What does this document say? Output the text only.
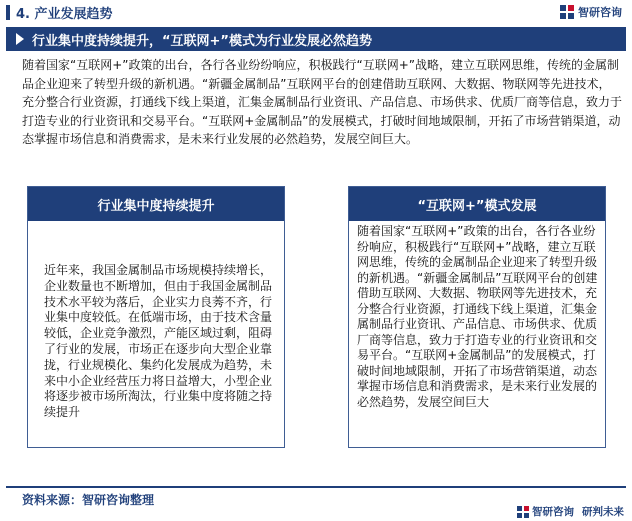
4. 产业发展趋势	智研咨询
行业集中度持续提升，“互联网+”模式为行业发展必然趋势

随着国家“互联网+”政策的出台，各行各业纷纷响应，积极践行“互联网+”战略，建立互联网思维，传统的金属制品企业迎来了转型升级的新机遇。“新疆金属制品”互联网平台的创建借助互联网、大数据、物联网等先进技术，充分整合行业资源，打通线下线上渠道，汇集金属制品行业资讯、产品信息、市场供求、优质厂商等信息，致力于打造专业的行业资讯和交易平台。“互联网+金属制品”的发展模式，打破时间地域限制，开拓了市场营销渠道，动态掌握市场信息和消费需求，是未来行业发展的必然趋势，发展空间巨大。

行业集中度持续提升

近年来，我国金属制品市场规模持续增长，企业数量也不断增加，但由于我国金属制品技术水平较为落后，企业实力良莠不齐，行业集中度较低。在低端市场，由于技术含量较低，企业竞争激烈，产能区域过剩，阻碍了行业的发展，市场正在逐步向大型企业靠拢，行业规模化、集约化发展成为趋势，未来中小企业经营压力将日益增大，小型企业将逐步被市场所淘汰，行业集中度将随之持续提升

“互联网+”模式发展

随着国家“互联网+”政策的出台，各行各业纷纷响应，积极践行“互联网+”战略，建立互联网思维，传统的金属制品企业迎来了转型升级的新机遇。“新疆金属制品”互联网平台的创建借助互联网、大数据、物联网等先进技术，充分整合行业资源，打通线下线上渠道，汇集金属制品行业资讯、产品信息、市场供求、优质厂商等信息，致力于打造专业的行业资讯和交易平台。“互联网+金属制品”的发展模式，打破时间地域限制，开拓了市场营销渠道，动态掌握市场信息和消费需求，是未来行业发展的必然趋势，发展空间巨大

资料来源：智研咨询整理
智研咨询 研判未来
